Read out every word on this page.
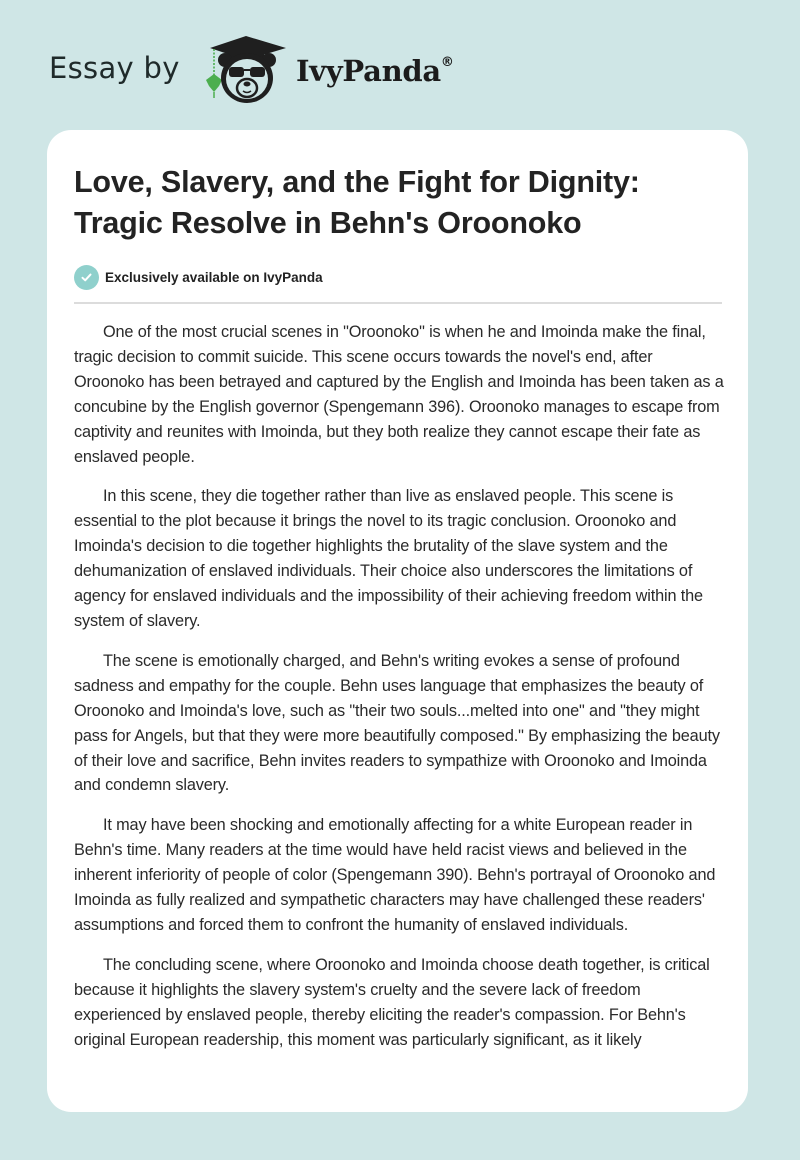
Essay by	IvyPanda®
Love, Slavery, and the Fight for Dignity: Tragic Resolve in Behn's Oroonoko
Exclusively available on IvyPanda

One of the most crucial scenes in "Oroonoko" is when he and Imoinda make the final, tragic decision to commit suicide. This scene occurs towards the novel's end, after Oroonoko has been betrayed and captured by the English and Imoinda has been taken as a concubine by the English governor (Spengemann 396). Oroonoko manages to escape from captivity and reunites with Imoinda, but they both realize they cannot escape their fate as enslaved people.

In this scene, they die together rather than live as enslaved people. This scene is essential to the plot because it brings the novel to its tragic conclusion. Oroonoko and Imoinda's decision to die together highlights the brutality of the slave system and the dehumanization of enslaved individuals. Their choice also underscores the limitations of agency for enslaved individuals and the impossibility of their achieving freedom within the system of slavery.

The scene is emotionally charged, and Behn's writing evokes a sense of profound sadness and empathy for the couple. Behn uses language that emphasizes the beauty of Oroonoko and Imoinda's love, such as "their two souls...melted into one" and "they might pass for Angels, but that they were more beautifully composed." By emphasizing the beauty of their love and sacrifice, Behn invites readers to sympathize with Oroonoko and Imoinda and condemn slavery.

It may have been shocking and emotionally affecting for a white European reader in Behn's time. Many readers at the time would have held racist views and believed in the inherent inferiority of people of color (Spengemann 390). Behn's portrayal of Oroonoko and Imoinda as fully realized and sympathetic characters may have challenged these readers' assumptions and forced them to confront the humanity of enslaved individuals.

The concluding scene, where Oroonoko and Imoinda choose death together, is critical because it highlights the slavery system's cruelty and the severe lack of freedom experienced by enslaved people, thereby eliciting the reader's compassion. For Behn's original European readership, this moment was particularly significant, as it likely
